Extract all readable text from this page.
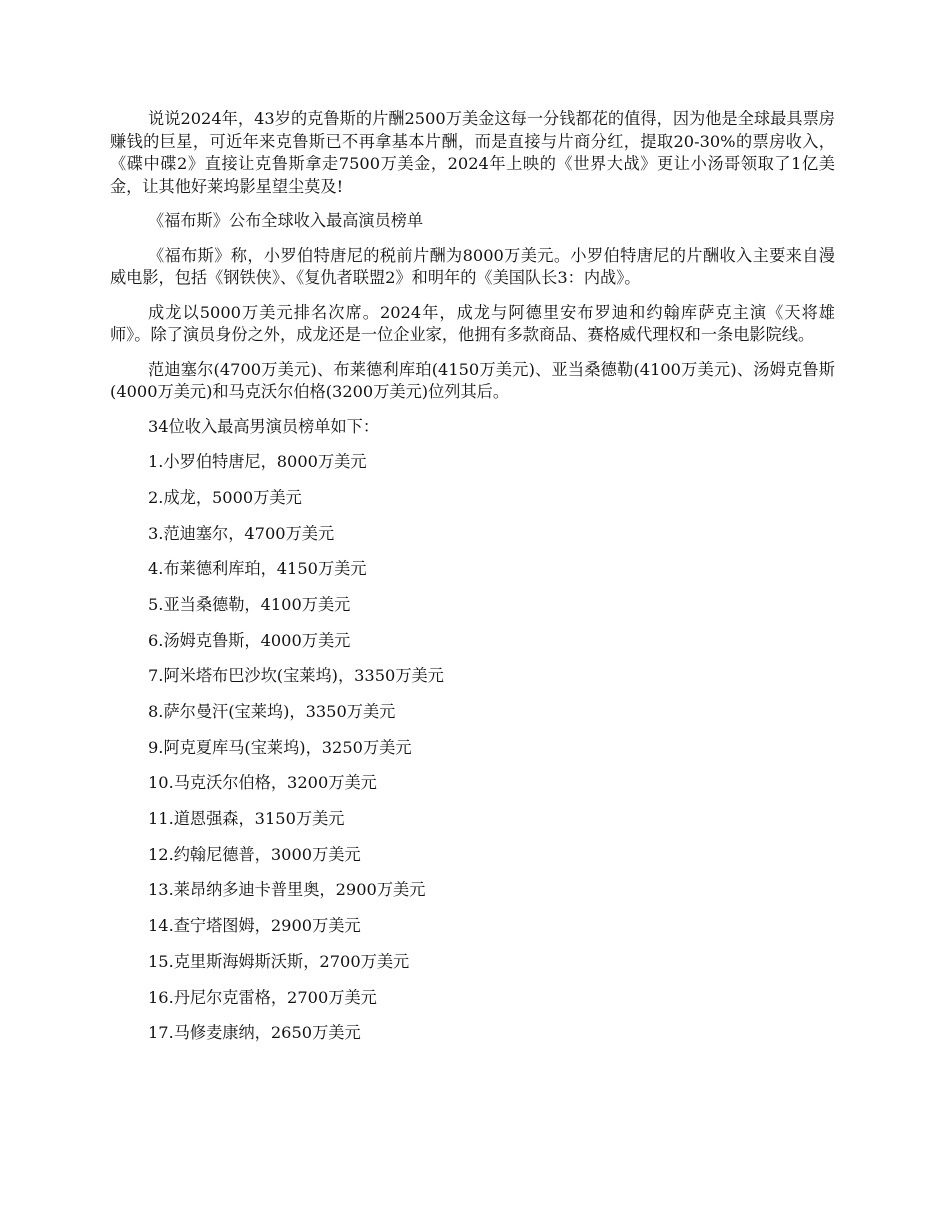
说说2024年，43岁的克鲁斯的片酬2500万美金这每一分钱都花的值得，因为他是全球最具票房赚钱的巨星，可近年来克鲁斯已不再拿基本片酬，而是直接与片商分红，提取20-30%的票房收入，《碟中碟2》直接让克鲁斯拿走7500万美金，2024年上映的《世界大战》更让小汤哥领取了1亿美金，让其他好莱坞影星望尘莫及!

《福布斯》公布全球收入最高演员榜单

《福布斯》称，小罗伯特唐尼的税前片酬为8000万美元。小罗伯特唐尼的片酬收入主要来自漫威电影，包括《钢铁侠》、《复仇者联盟2》和明年的《美国队长3：内战》。

成龙以5000万美元排名次席。2024年，成龙与阿德里安布罗迪和约翰库萨克主演《天将雄师》。除了演员身份之外，成龙还是一位企业家，他拥有多款商品、赛格威代理权和一条电影院线。

范迪塞尔(4700万美元)、布莱德利库珀(4150万美元)、亚当桑德勒(4100万美元)、汤姆克鲁斯(4000万美元)和马克沃尔伯格(3200万美元)位列其后。

34位收入最高男演员榜单如下：

1.小罗伯特唐尼，8000万美元
2.成龙，5000万美元
3.范迪塞尔，4700万美元
4.布莱德利库珀，4150万美元
5.亚当桑德勒，4100万美元
6.汤姆克鲁斯，4000万美元
7.阿米塔布巴沙坎(宝莱坞)，3350万美元
8.萨尔曼汗(宝莱坞)，3350万美元
9.阿克夏库马(宝莱坞)，3250万美元
10.马克沃尔伯格，3200万美元
11.道恩强森，3150万美元
12.约翰尼德普，3000万美元
13.莱昂纳多迪卡普里奥，2900万美元
14.查宁塔图姆，2900万美元
15.克里斯海姆斯沃斯，2700万美元
16.丹尼尔克雷格，2700万美元
17.马修麦康纳，2650万美元
